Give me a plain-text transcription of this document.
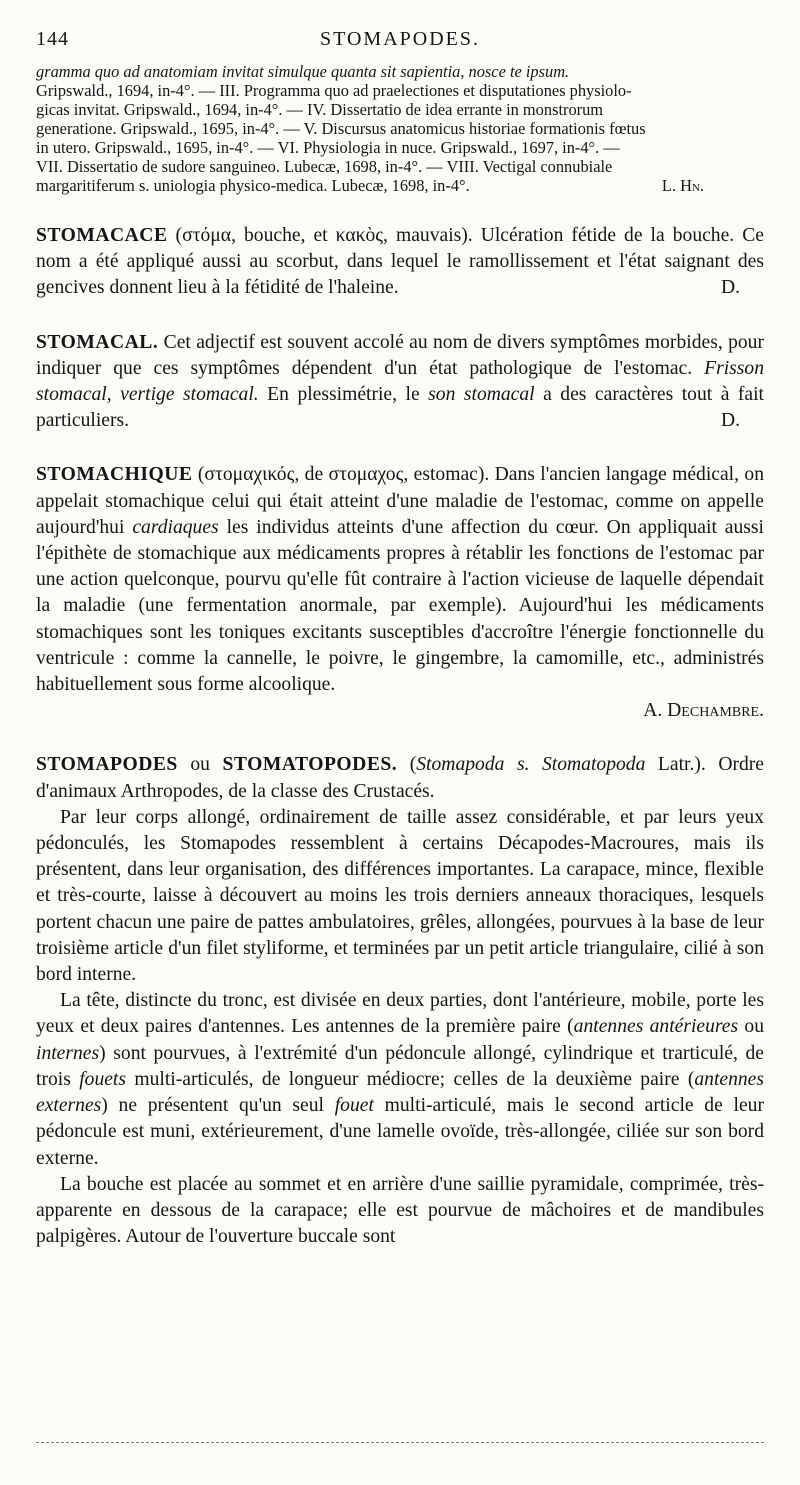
144	STOMAPODES.
gramma quo ad anatomiam invitat simulque quanta sit sapientia, nosce te ipsum.
Gripswald., 1694, in-4°. — III. Programma quo ad praelectiones et disputationes physiolo-
gicas invitat. Gripswald., 1694, in-4°. — IV. Dissertatio de idea errante in monstrorum
generatione. Gripswald., 1695, in-4°. — V. Discursus anatomicus historiae formationis fœtus
in utero. Gripswald., 1695, in-4°. — VI. Physiologia in nuce. Gripswald., 1697, in-4°. —
VII. Dissertatio de sudore sanguineo. Lubecæ, 1698, in-4°. — VIII. Vectigal connubiale
margaritiferum s. uniologia physico-medica. Lubecæ, 1698, in-4°.	L. Hn.

STOMACACE (στόμα, bouche, et κακὸς, mauvais). Ulcération fétide de la bouche. Ce nom a été appliqué aussi au scorbut, dans lequel le ramollissement et l'état saignant des gencives donnent lieu à la fétidité de l'haleine.	D.

STOMACAL. Cet adjectif est souvent accolé au nom de divers symptômes morbides, pour indiquer que ces symptômes dépendent d'un état pathologique de l'estomac. Frisson stomacal, vertige stomacal. En plessimétrie, le son stomacal a des caractères tout à fait particuliers.	D.

STOMACHIQUE (στομαχικός, de στομαχος, estomac). Dans l'ancien langage médical, on appelait stomachique celui qui était atteint d'une maladie de l'estomac, comme on appelle aujourd'hui cardiaques les individus atteints d'une affection du cœur. On appliquait aussi l'épithète de stomachique aux médicaments propres à rétablir les fonctions de l'estomac par une action quelconque, pourvu qu'elle fût contraire à l'action vicieuse de laquelle dépendait la maladie (une fermentation anormale, par exemple). Aujourd'hui les médicaments stomachiques sont les toniques excitants susceptibles d'accroître l'énergie fonctionnelle du ventricule : comme la cannelle, le poivre, le gingembre, la camomille, etc., administrés habituellement sous forme alcoolique.

A. Dechambre.

STOMAPODES ou STOMATOPODES. (Stomapoda s. Stomatopoda Latr.). Ordre d'animaux Arthropodes, de la classe des Crustacés.

Par leur corps allongé, ordinairement de taille assez considérable, et par leurs yeux pédonculés, les Stomapodes ressemblent à certains Décapodes-Macroures, mais ils présentent, dans leur organisation, des différences importantes. La carapace, mince, flexible et très-courte, laisse à découvert au moins les trois derniers anneaux thoraciques, lesquels portent chacun une paire de pattes ambulatoires, grêles, allongées, pourvues à la base de leur troisième article d'un filet styliforme, et terminées par un petit article triangulaire, cilié à son bord interne.

La tête, distincte du tronc, est divisée en deux parties, dont l'antérieure, mobile, porte les yeux et deux paires d'antennes. Les antennes de la première paire (antennes antérieures ou internes) sont pourvues, à l'extrémité d'un pédoncule allongé, cylindrique et trarticulé, de trois fouets multi-articulés, de longueur médiocre; celles de la deuxième paire (antennes externes) ne présentent qu'un seul fouet multi-articulé, mais le second article de leur pédoncule est muni, extérieurement, d'une lamelle ovoïde, très-allongée, ciliée sur son bord externe.

La bouche est placée au sommet et en arrière d'une saillie pyramidale, comprimée, très-apparente en dessous de la carapace; elle est pourvue de mâchoires et de mandibules palpigères. Autour de l'ouverture buccale sont
